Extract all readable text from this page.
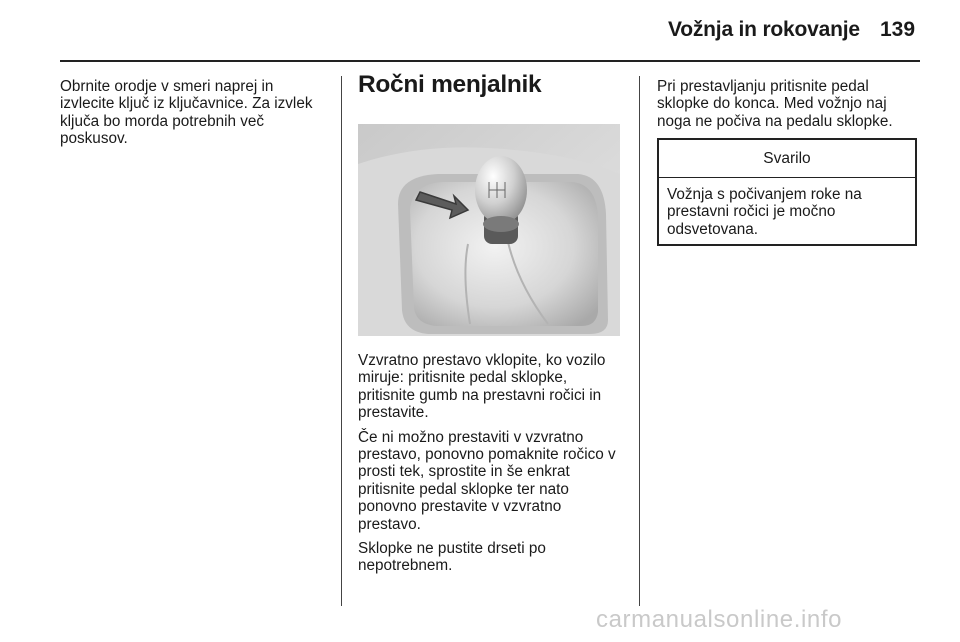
Vožnja in rokovanje 139

Obrnite orodje v smeri naprej in izvlecite ključ iz ključavnice. Za izvlek ključa bo morda potrebnih več poskusov.

Ročni menjalnik

Vzvratno prestavo vklopite, ko vozilo miruje: pritisnite pedal sklopke, pritisnite gumb na prestavni ročici in prestavite.

Če ni možno prestaviti v vzvratno prestavo, ponovno pomaknite ročico v prosti tek, sprostite in še enkrat pritisnite pedal sklopke ter nato ponovno prestavite v vzvratno prestavo.

Sklopke ne pustite drseti po nepotrebnem.

Pri prestavljanju pritisnite pedal sklopke do konca. Med vožnjo naj noga ne počiva na pedalu sklopke.

Svarilo

Vožnja s počivanjem roke na prestavni ročici je močno odsvetovana.

carmanualsonline.info
